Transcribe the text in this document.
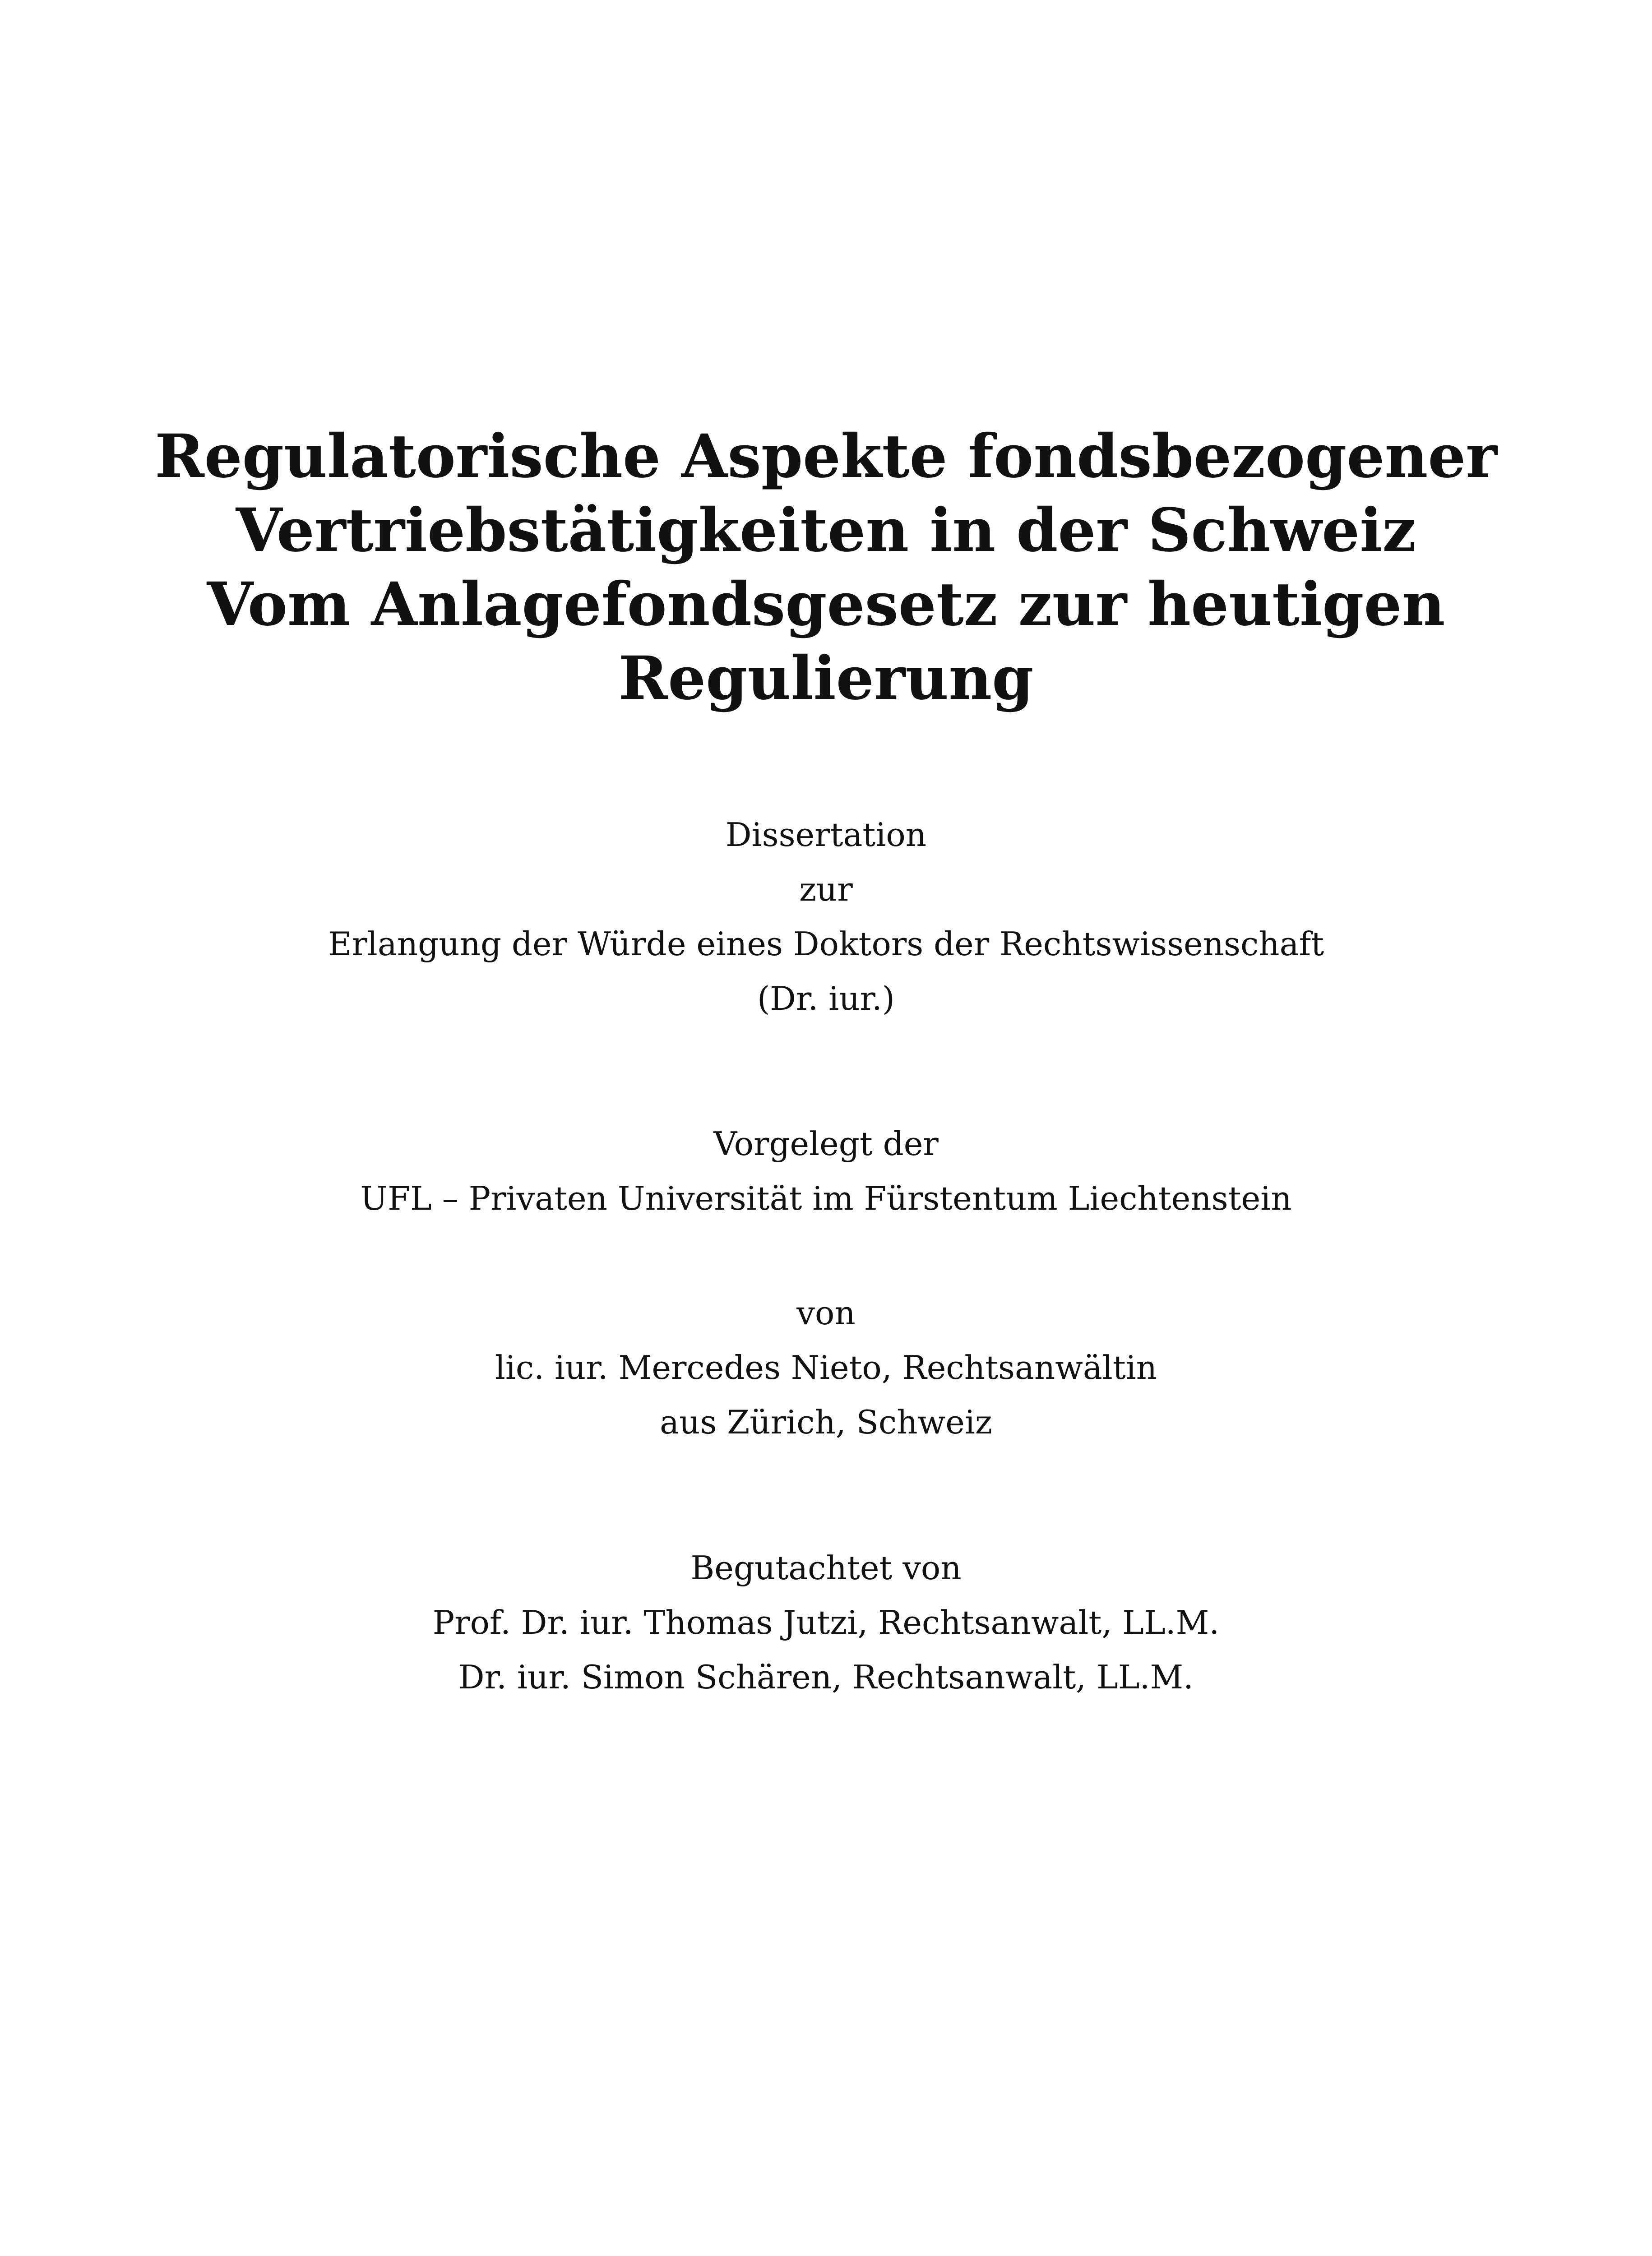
Regulatorische Aspekte fondsbezogener
Vertriebstätigkeiten in der Schweiz
Vom Anlagefondsgesetz zur heutigen
Regulierung
Dissertation
zur
Erlangung der Würde eines Doktors der Rechtswissenschaft
(Dr. iur.)
Vorgelegt der
UFL – Privaten Universität im Fürstentum Liechtenstein
von
lic. iur. Mercedes Nieto, Rechtsanwältin
aus Zürich, Schweiz
Begutachtet von
Prof. Dr. iur. Thomas Jutzi, Rechtsanwalt, LL.M.
Dr. iur. Simon Schären, Rechtsanwalt, LL.M.
